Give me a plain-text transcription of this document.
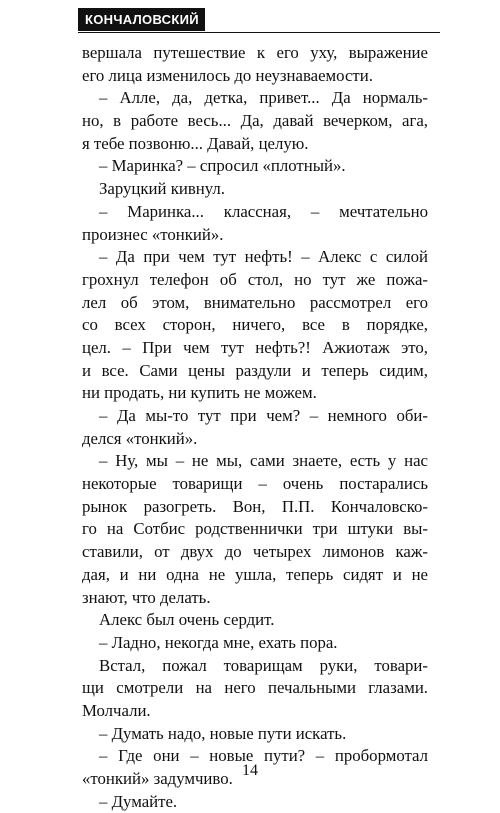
КОНЧАЛОВСКИЙ
вершала путешествие к его уху, выражение
его лица изменилось до неузнаваемости.
– Алле, да, детка, привет... Да нормаль-
но, в работе весь... Да, давай вечерком, ага,
я тебе позвоню... Давай, целую.
– Маринка? – спросил «плотный».
Заруцкий кивнул.
– Маринка... классная, – мечтательно
произнес «тонкий».
– Да при чем тут нефть! – Алекс с силой
грохнул телефон об стол, но тут же пожа-
лел об этом, внимательно рассмотрел его
со всех сторон, ничего, все в порядке,
цел. – При чем тут нефть?! Ажиотаж это,
и все. Сами цены раздули и теперь сидим,
ни продать, ни купить не можем.
– Да мы-то тут при чем? – немного оби-
делся «тонкий».
– Ну, мы – не мы, сами знаете, есть у нас
некоторые товарищи – очень постарались
рынок разогреть. Вон, П.П. Кончаловско-
го на Сотбис родственнички три штуки вы-
ставили, от двух до четырех лимонов каж-
дая, и ни одна не ушла, теперь сидят и не
знают, что делать.
Алекс был очень сердит.
– Ладно, некогда мне, ехать пора.
Встал, пожал товарищам руки, товари-
щи смотрели на него печальными глазами.
Молчали.
– Думать надо, новые пути искать.
– Где они – новые пути? – пробормотал
«тонкий» задумчиво.
– Думайте.
14
